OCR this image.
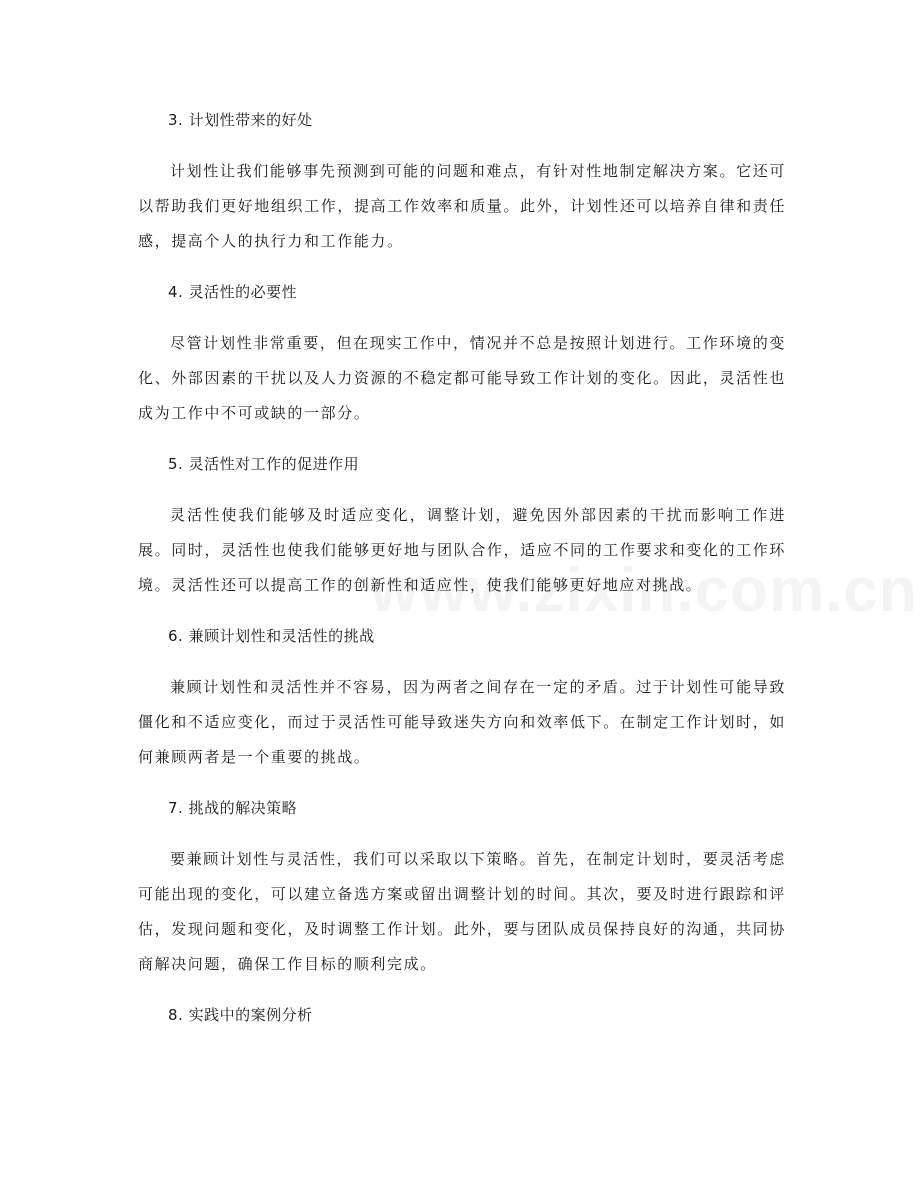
3. 计划性带来的好处

计划性让我们能够事先预测到可能的问题和难点，有针对性地制定解决方案。它还可以帮助我们更好地组织工作，提高工作效率和质量。此外，计划性还可以培养自律和责任感，提高个人的执行力和工作能力。

4. 灵活性的必要性

尽管计划性非常重要，但在现实工作中，情况并不总是按照计划进行。工作环境的变化、外部因素的干扰以及人力资源的不稳定都可能导致工作计划的变化。因此，灵活性也成为工作中不可或缺的一部分。

5. 灵活性对工作的促进作用

灵活性使我们能够及时适应变化，调整计划，避免因外部因素的干扰而影响工作进展。同时，灵活性也使我们能够更好地与团队合作，适应不同的工作要求和变化的工作环境。灵活性还可以提高工作的创新性和适应性，使我们能够更好地应对挑战。

6. 兼顾计划性和灵活性的挑战

兼顾计划性和灵活性并不容易，因为两者之间存在一定的矛盾。过于计划性可能导致僵化和不适应变化，而过于灵活性可能导致迷失方向和效率低下。在制定工作计划时，如何兼顾两者是一个重要的挑战。

7. 挑战的解决策略

要兼顾计划性与灵活性，我们可以采取以下策略。首先，在制定计划时，要灵活考虑可能出现的变化，可以建立备选方案或留出调整计划的时间。其次，要及时进行跟踪和评估，发现问题和变化，及时调整工作计划。此外，要与团队成员保持良好的沟通，共同协商解决问题，确保工作目标的顺利完成。

8. 实践中的案例分析
